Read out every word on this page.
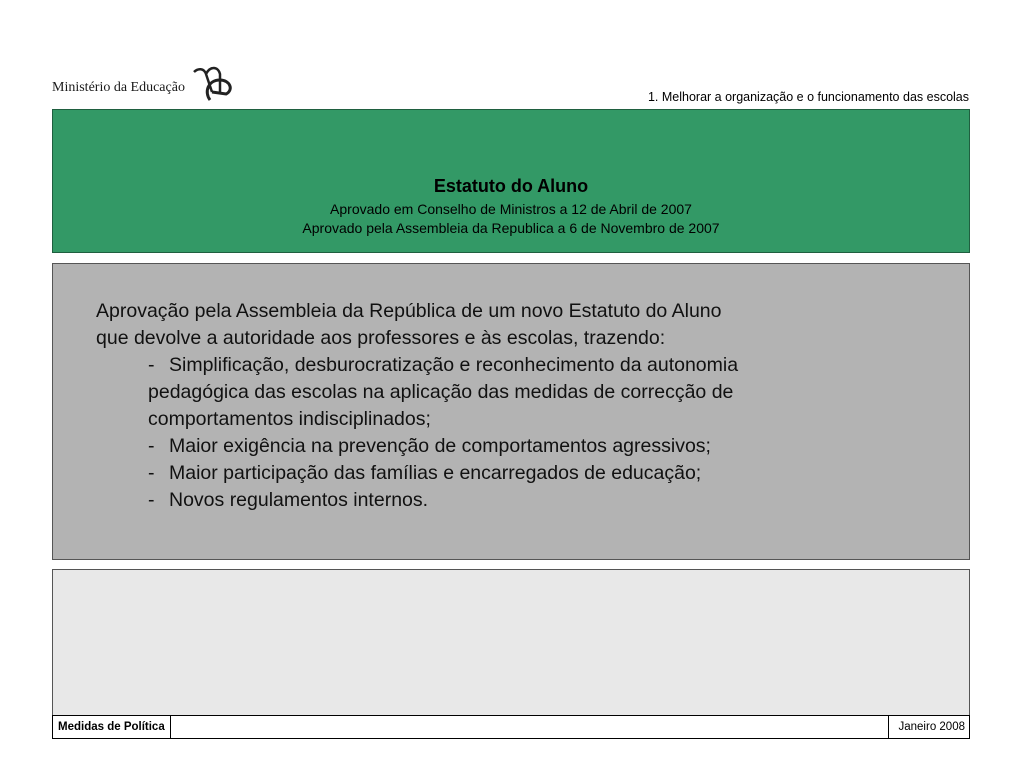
Ministério da Educação
1. Melhorar a organização e o funcionamento das escolas
Estatuto do Aluno
Aprovado em Conselho de Ministros a 12 de Abril de 2007
Aprovado pela Assembleia da Republica a 6 de Novembro de 2007
Aprovação pela Assembleia da República de um novo Estatuto do Aluno
que devolve a autoridade aos professores e às escolas, trazendo:
- Simplificação, desburocratização e reconhecimento da autonomia
pedagógica das escolas na aplicação das medidas de correcção de
comportamentos indisciplinados;
- Maior exigência na prevenção de comportamentos agressivos;
- Maior participação das famílias e encarregados de educação;
- Novos regulamentos internos.
Medidas de Política	Janeiro 2008
